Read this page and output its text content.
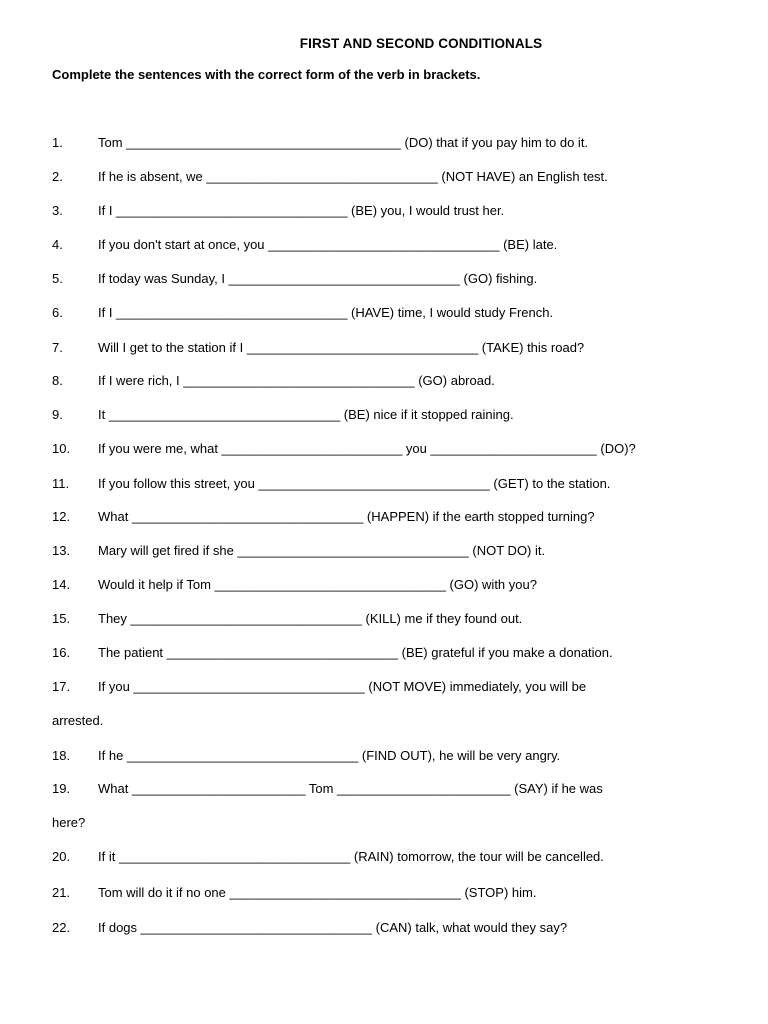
FIRST AND SECOND CONDITIONALS
Complete the sentences with the correct form of the verb in brackets.
1.	Tom ______________________________________ (DO) that if you pay him to do it.
2.	If he is absent, we ________________________________ (NOT HAVE) an English test.
3.	If I ________________________________ (BE) you, I would trust her.
4.	If you don't start at once, you ________________________________ (BE) late.
5.	If today was Sunday, I ________________________________ (GO) fishing.
6.	If I ________________________________ (HAVE) time, I would study French.
7.	Will I get to the station if I ________________________________ (TAKE) this road?
8.	If I were rich, I ________________________________ (GO) abroad.
9.	It ________________________________ (BE) nice if it stopped raining.
10. If you were me, what _________________________ you _______________________ (DO)?
11. If you follow this street, you ________________________________ (GET) to the station.
12. What ________________________________ (HAPPEN) if the earth stopped turning?
13. Mary will get fired if she ________________________________ (NOT DO) it.
14. Would it help if Tom ________________________________ (GO) with you?
15. They ________________________________ (KILL) me if they found out.
16. The patient ________________________________ (BE) grateful if you make a donation.
17. If you ________________________________ (NOT MOVE) immediately, you will be
arrested.
18. If he ________________________________ (FIND OUT), he will be very angry.
19. What ________________________ Tom ________________________ (SAY) if he was
here?
20. If it ________________________________ (RAIN) tomorrow, the tour will be cancelled.
21. Tom will do it if no one ________________________________ (STOP) him.
22. If dogs ________________________________ (CAN) talk, what would they say?
